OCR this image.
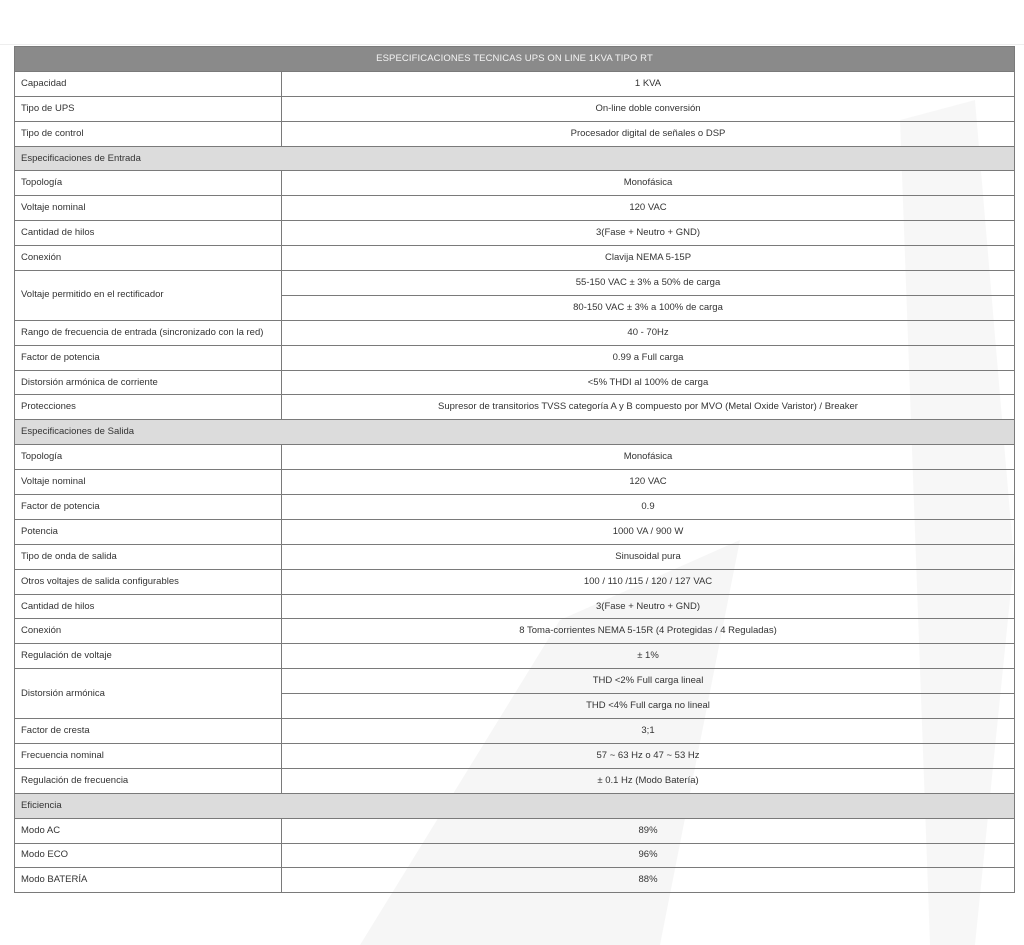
ESPECIFICACIONES TECNICAS UPS ON LINE 1KVA TIPO RT	
Capacidad	1 KVA
Tipo de UPS	On-line doble conversión
Tipo de control	Procesador digital de señales o DSP
Especificaciones de Entrada	
Topología	Monofásica
Voltaje nominal	120 VAC
Cantidad de hilos	3(Fase + Neutro + GND)
Conexión	Clavija NEMA 5-15P
Voltaje permitido en el rectificador	55-150 VAC ± 3% a 50% de carga
	80-150 VAC ± 3% a 100% de carga
Rango de frecuencia de entrada (sincronizado con la red)	40 - 70Hz
Factor de potencia	0.99 a Full carga
Distorsión armónica de corriente	<5% THDI al 100% de carga
Protecciones	Supresor de transitorios TVSS categoría A y B compuesto por MVO (Metal Oxide Varistor) / Breaker
Especificaciones de Salida	
Topología	Monofásica
Voltaje nominal	120 VAC
Factor de potencia	0.9
Potencia	1000 VA / 900 W
Tipo de onda de salida	Sinusoidal pura
Otros voltajes de salida configurables	100 / 110 /115 / 120 / 127 VAC
Cantidad de hilos	3(Fase + Neutro + GND)
Conexión	8 Toma-corrientes NEMA 5-15R (4 Protegidas / 4 Reguladas)
Regulación de voltaje	± 1%
Distorsión armónica	THD <2% Full carga lineal
	THD <4% Full carga no lineal
Factor de cresta	3;1
Frecuencia nominal	57 ~ 63 Hz o 47 ~ 53 Hz
Regulación de frecuencia	± 0.1 Hz (Modo Batería)
Eficiencia	
Modo AC	89%
Modo ECO	96%
Modo BATERÍA	88%
